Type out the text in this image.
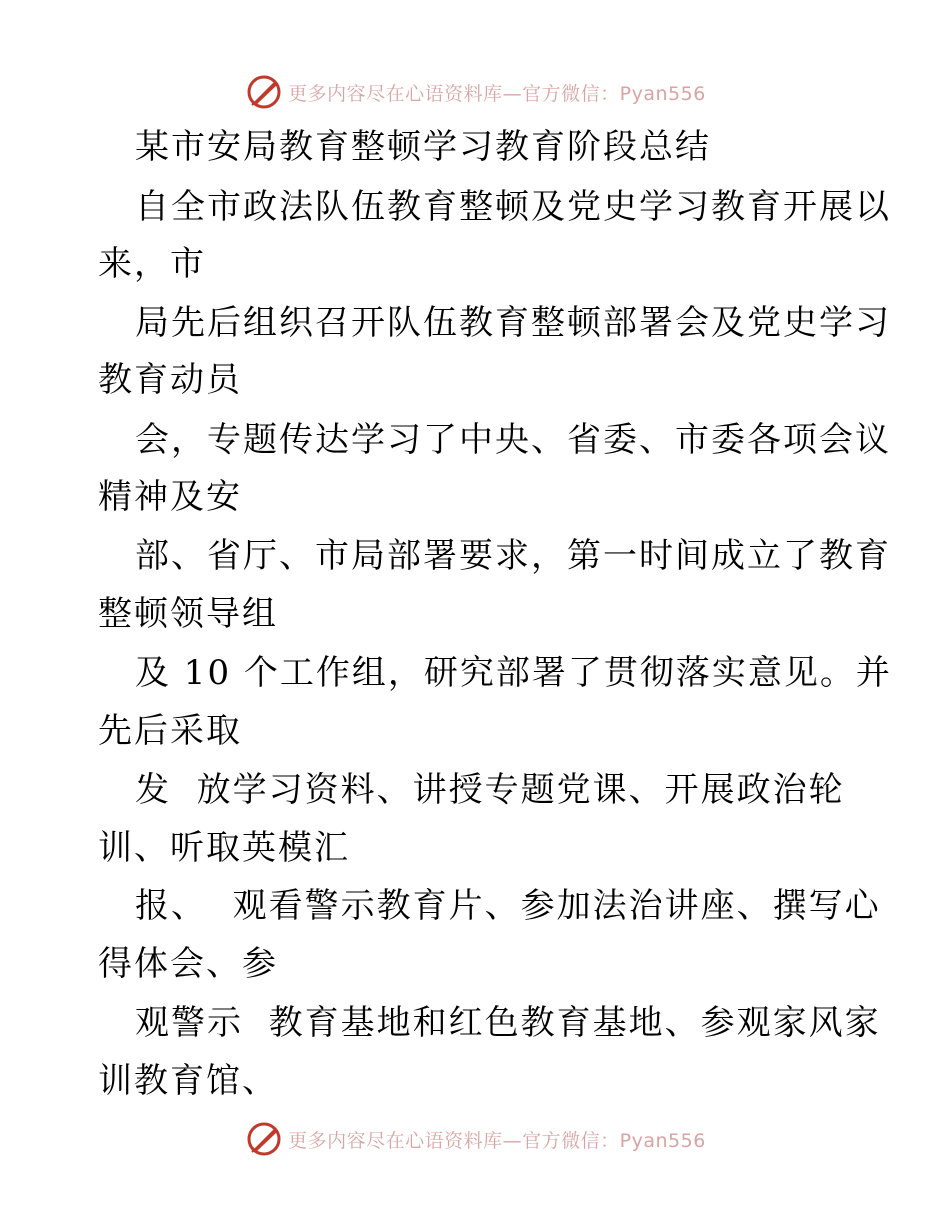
更多内容尽在心语资料库—官方微信：Pyan556
某市安局教育整顿学习教育阶段总结
自全市政法队伍教育整顿及党史学习教育开展以
来，市
局先后组织召开队伍教育整顿部署会及党史学习
教育动员
会，专题传达学习了中央、省委、市委各项会议
精神及安
部、省厅、市局部署要求，第一时间成立了教育
整顿领导组
及 10 个工作组，研究部署了贯彻落实意见。并
先后采取
发  放学习资料、讲授专题党课、开展政治轮
训、听取英模汇
报、  观看警示教育片、参加法治讲座、撰写心
得体会、参
观警示  教育基地和红色教育基地、参观家风家
训教育馆、
更多内容尽在心语资料库—官方微信：Pyan556
